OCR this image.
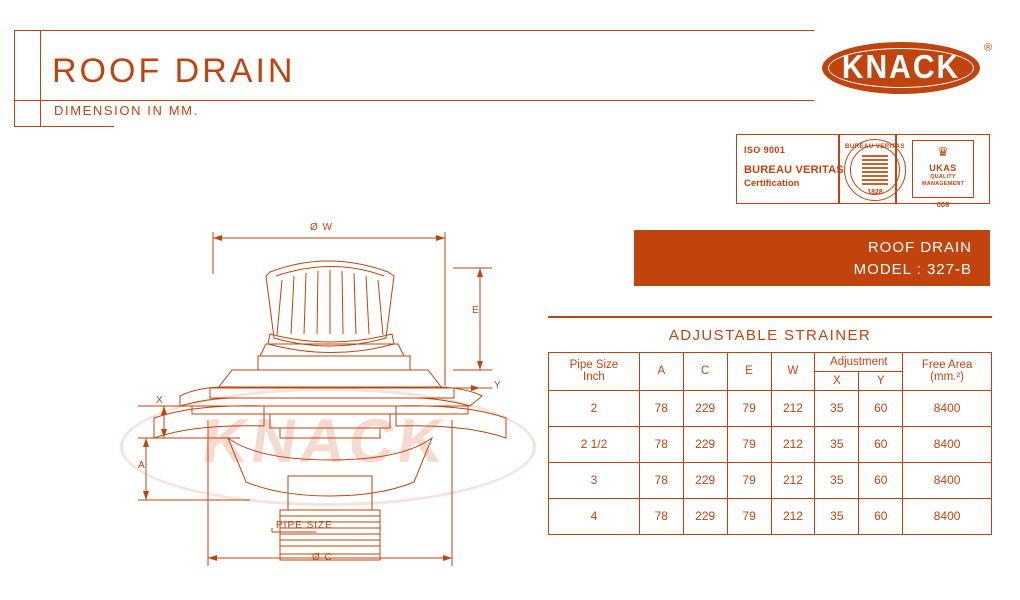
ROOF DRAIN
DIMENSION IN MM.
KNACK
®
ISO 9001
BUREAU VERITAS
Certification
BUREAU VERITAS
1828
♛
UKAS
QUALITY MANAGEMENT
008
ROOF DRAIN
MODEL : 327-B
ADJUSTABLE STRAINER
Pipe Size
Inch	A	C	E	W	Adjustment	Free Area
(mm.²)

					X	Y	
2	78	229	79	212	35	60	8400
2 1/2	78	229	79	212	35	60	8400
3	78	229	79	212	35	60	8400
4	78	229	79	212	35	60	8400
KNACK
Ø W
Ø C
E
X
A
Y
PIPE SIZE
